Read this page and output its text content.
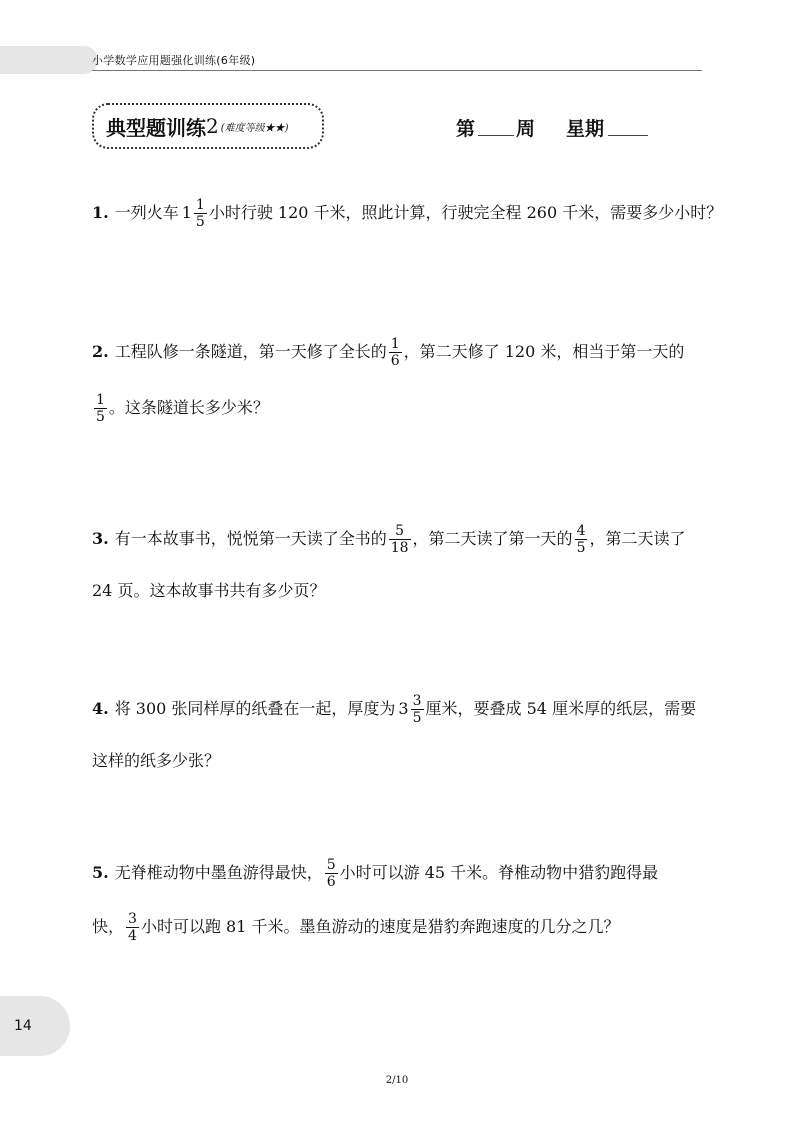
小学数学应用题强化训练(6年级)
典型题训练 2 (难度等级★★)	第 周 星期
1. 一列火车 $1 \frac{1}{5}$ 小时行驶 120 千米，照此计算，行驶完全程 260 千米，需要多少小时？
2. 工程队修一条隧道，第一天修了全长的 $\frac{1}{6}$ ，第二天修了 120 米，相当于第一天的
$\frac{1}{5}$ 。这条隧道长多少米？
3. 有一本故事书，悦悦第一天读了全书的 $\frac{5}{18}$ ，第二天读了第一天的 $\frac{4}{5}$ ，第二天读了
24 页。这本故事书共有多少页？
4. 将 300 张同样厚的纸叠在一起，厚度为 $3 \frac{3}{5}$ 厘米，要叠成 54 厘米厚的纸层，需要
这样的纸多少张？
5. 无脊椎动物中墨鱼游得最快， $\frac{5}{6}$ 小时可以游 45 千米。脊椎动物中猎豹跑得最
快， $\frac{3}{4}$ 小时可以跑 81 千米。墨鱼游动的速度是猎豹奔跑速度的几分之几？
14
2/10
